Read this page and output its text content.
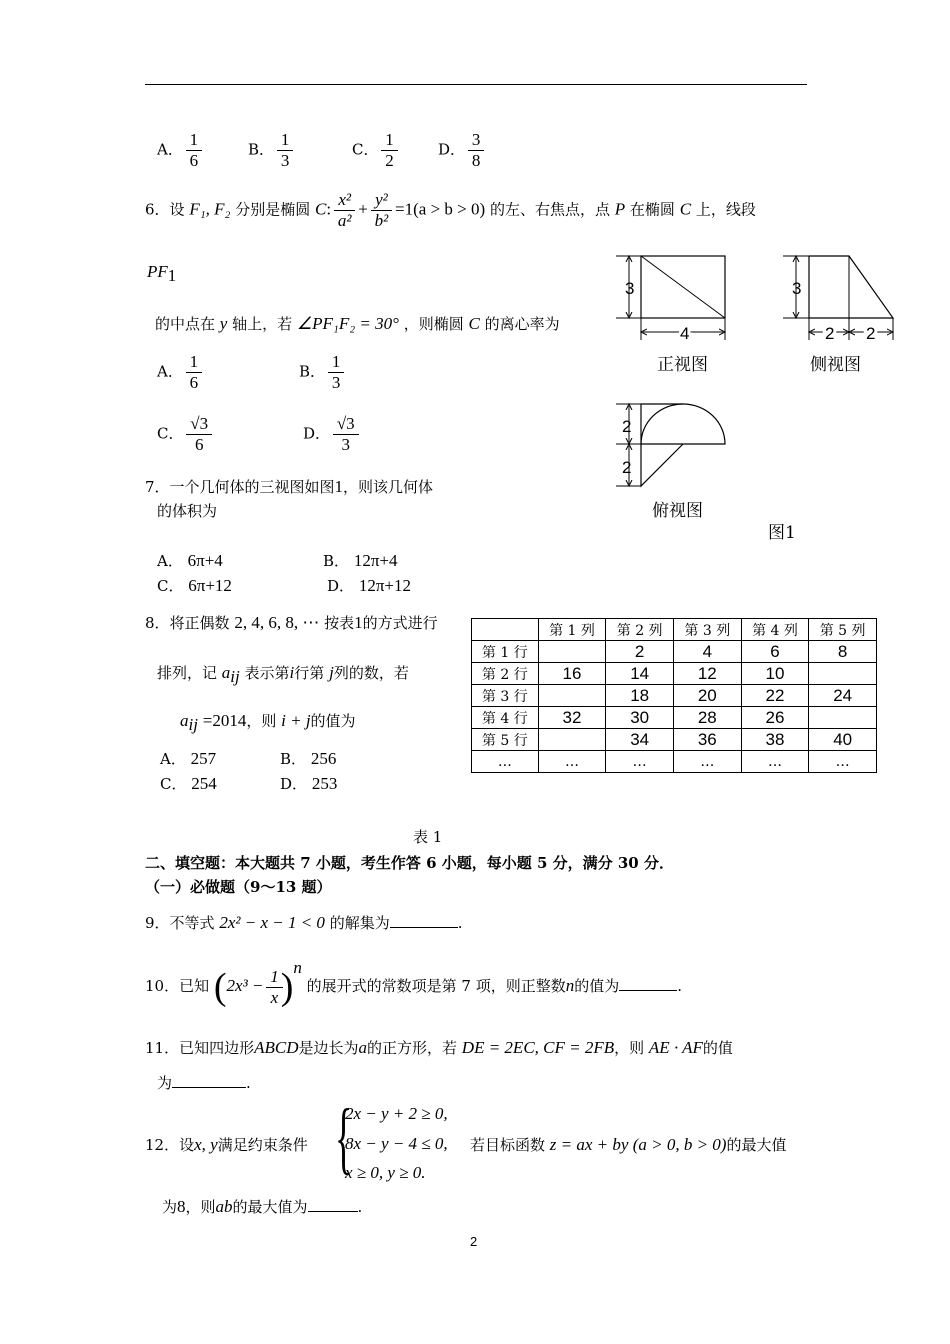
A． $\frac{1}{6}$	B． $\frac{1}{3}$	C． $\frac{1}{2}$	D． $\frac{3}{8}$
6．设 F₁, F₂ 分别是椭圆 C: $\frac{\text{x²}}{\text{a²}} + \frac{\text{y²}}{\text{b²}} =1(a > b > 0)$ 的左、右焦点，点 P 在椭圆 C 上，线段
$PF_1$
的中点在 y 轴上，若 ∠PF₁F₂ = 30° ，则椭圆 C 的离心率为
A． $\frac{1}{6}$	B． $\frac{1}{3}$
C． $\frac{√3}{6}$	D． $\frac{√3}{3}$
7．一个几何体的三视图如图1，则该几何体
的体积为
A． 6π+4	B． 12π+4
C． 6π+12	D． 12π+12
3
4
正视图
3
2 2
侧视图
2
2
俯视图
图1
8．将正偶数 2, 4, 6, 8, ⋯ 按表1的方式进行
排列，记 $a_{ij}$ 表示第i行第 j列的数，若
$a_{ij} =2014$，则 i + j的值为
A． 257	B． 256
C． 254	D． 253
	第 1 列	第 2 列	第 3 列	第 4 列	第 5 列
第 1 行		2	4	6	8
第 2 行	16	14	12	10	
第 3 行		18	20	22	24
第 4 行	32	30	28	26	
第 5 行		34	36	38	40
…	…	…	…	…	…
表 1
二、填空题：本大题共 7 小题，考生作答 6 小题，每小题 5 分，满分 30 分．
（一）必做题（9～13 题）
9．不等式 2x² − x − 1 < 0 的解集为	.
10．已知 $(2x^3 - \frac{1}{x} )^n$ 的展开式的常数项是第 7 项，则正整数n的值为	.
11．已知四边形ABCD是边长为a的正方形，若 DE = 2EC, CF = 2FB，则 AE · AF的值
为	.
12．设x, y满足约束条件 {
2x − y + 2 ≥ 0,
8x − y − 4 ≤ 0,
x ≥ 0, y ≥ 0.
若目标函数 z = ax + by (a > 0, b > 0)的最大值
为8，则ab的最大值为	.
2
